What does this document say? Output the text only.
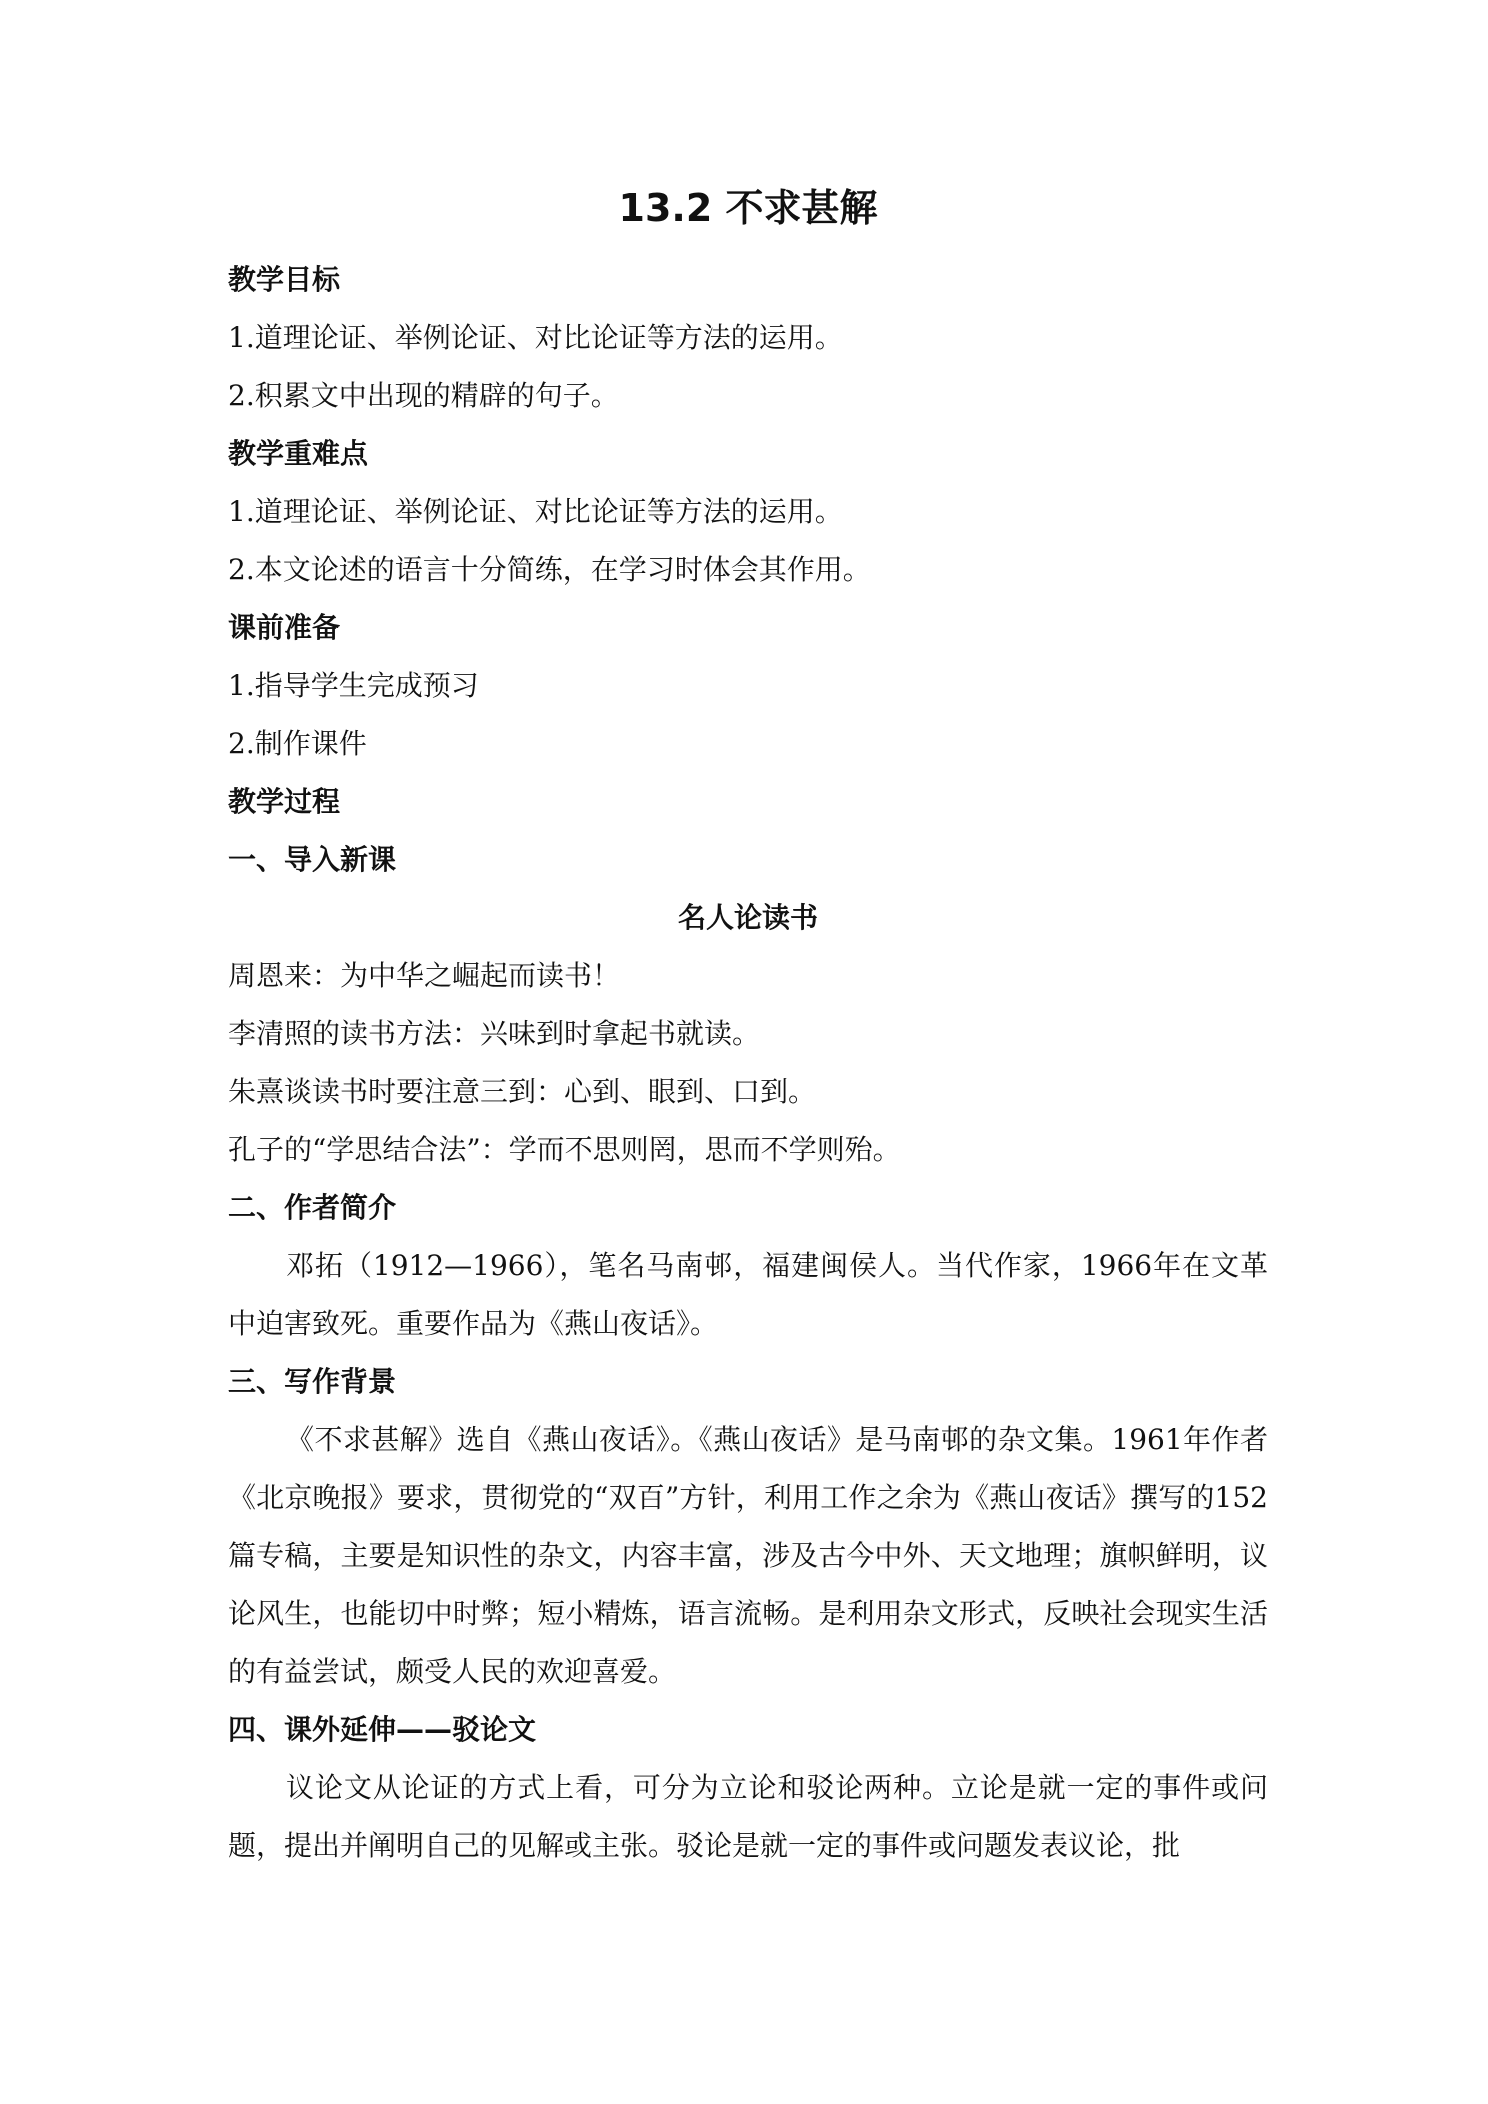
13.2 不求甚解
教学目标
1.道理论证、举例论证、对比论证等方法的运用。
2.积累文中出现的精辟的句子。
教学重难点
1.道理论证、举例论证、对比论证等方法的运用。
2.本文论述的语言十分简练，在学习时体会其作用。
课前准备
1.指导学生完成预习
2.制作课件
教学过程
一、导入新课
名人论读书
周恩来：为中华之崛起而读书！
李清照的读书方法：兴味到时拿起书就读。
朱熹谈读书时要注意三到：心到、眼到、口到。
孔子的“学思结合法”：学而不思则罔，思而不学则殆。
二、作者简介
邓拓（1912—1966），笔名马南邨，福建闽侯人。当代作家，1966年在文革中迫害致死。重要作品为《燕山夜话》。
三、写作背景
《不求甚解》选自《燕山夜话》。《燕山夜话》是马南邨的杂文集。1961年作者《北京晚报》要求，贯彻党的“双百”方针，利用工作之余为《燕山夜话》撰写的152篇专稿，主要是知识性的杂文，内容丰富，涉及古今中外、天文地理；旗帜鲜明，议论风生，也能切中时弊；短小精炼，语言流畅。是利用杂文形式，反映社会现实生活的有益尝试，颇受人民的欢迎喜爱。
四、课外延伸——驳论文
议论文从论证的方式上看，可分为立论和驳论两种。立论是就一定的事件或问题，提出并阐明自己的见解或主张。驳论是就一定的事件或问题发表议论，批
